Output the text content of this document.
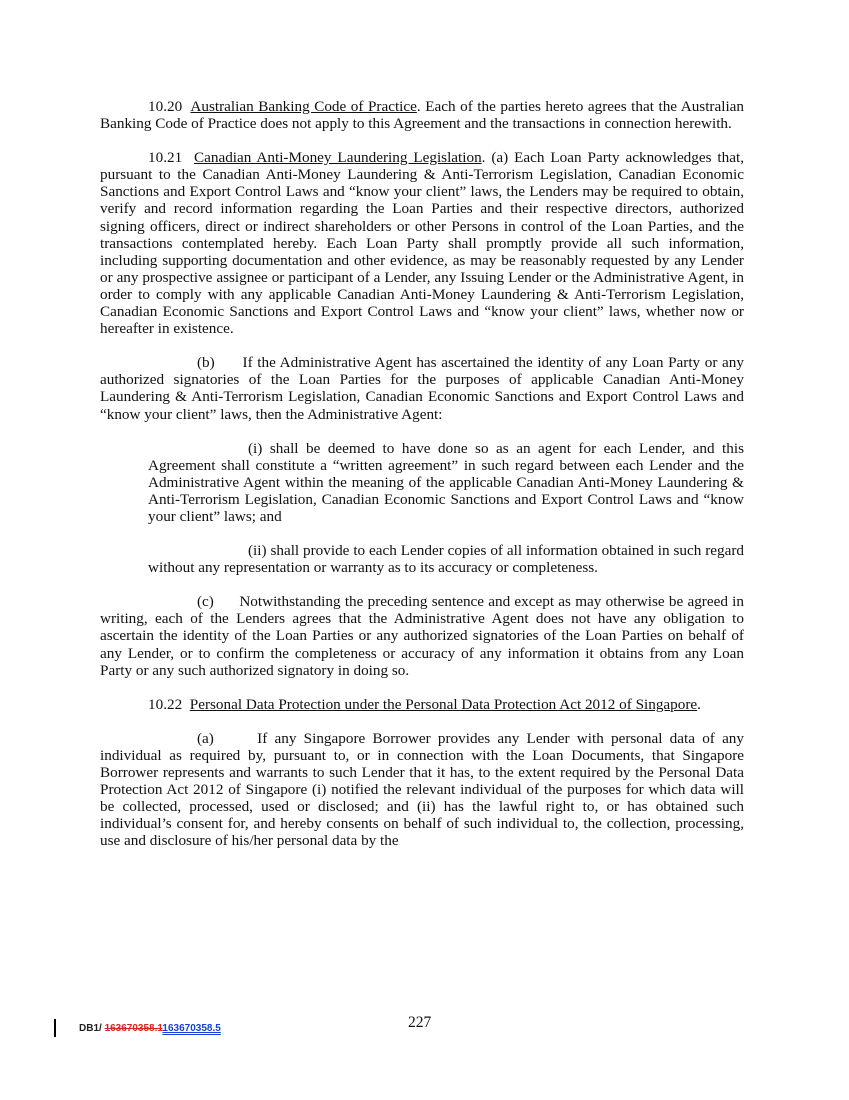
10.20 Australian Banking Code of Practice. Each of the parties hereto agrees that the Australian Banking Code of Practice does not apply to this Agreement and the transactions in connection herewith.

10.21 Canadian Anti-Money Laundering Legislation. (a) Each Loan Party acknowledges that, pursuant to the Canadian Anti-Money Laundering & Anti-Terrorism Legislation, Canadian Economic Sanctions and Export Control Laws and “know your client” laws, the Lenders may be required to obtain, verify and record information regarding the Loan Parties and their respective directors, authorized signing officers, direct or indirect shareholders or other Persons in control of the Loan Parties, and the transactions contemplated hereby. Each Loan Party shall promptly provide all such information, including supporting documentation and other evidence, as may be reasonably requested by any Lender or any prospective assignee or participant of a Lender, any Issuing Lender or the Administrative Agent, in order to comply with any applicable Canadian Anti-Money Laundering & Anti-Terrorism Legislation, Canadian Economic Sanctions and Export Control Laws and “know your client” laws, whether now or hereafter in existence.

(b)      If the Administrative Agent has ascertained the identity of any Loan Party or any authorized signatories of the Loan Parties for the purposes of applicable Canadian Anti-Money Laundering & Anti-Terrorism Legislation, Canadian Economic Sanctions and Export Control Laws and “know your client” laws, then the Administrative Agent:

(i) shall be deemed to have done so as an agent for each Lender, and this Agreement shall constitute a “written agreement” in such regard between each Lender and the Administrative Agent within the meaning of the applicable Canadian Anti-Money Laundering & Anti-Terrorism Legislation, Canadian Economic Sanctions and Export Control Laws and “know your client” laws; and

(ii) shall provide to each Lender copies of all information obtained in such regard without any representation or warranty as to its accuracy or completeness.

(c)      Notwithstanding the preceding sentence and except as may otherwise be agreed in writing, each of the Lenders agrees that the Administrative Agent does not have any obligation to ascertain the identity of the Loan Parties or any authorized signatories of the Loan Parties on behalf of any Lender, or to confirm the completeness or accuracy of any information it obtains from any Loan Party or any such authorized signatory in doing so.

10.22 Personal Data Protection under the Personal Data Protection Act 2012 of Singapore.

(a)      If any Singapore Borrower provides any Lender with personal data of any individual as required by, pursuant to, or in connection with the Loan Documents, that Singapore Borrower represents and warrants to such Lender that it has, to the extent required by the Personal Data Protection Act 2012 of Singapore (i) notified the relevant individual of the purposes for which data will be collected, processed, used or disclosed; and (ii) has the lawful right to, or has obtained such individual’s consent for, and hereby consents on behalf of such individual to, the collection, processing, use and disclosure of his/her personal data by the

DB1/ 163670358.1163670358.5	227
